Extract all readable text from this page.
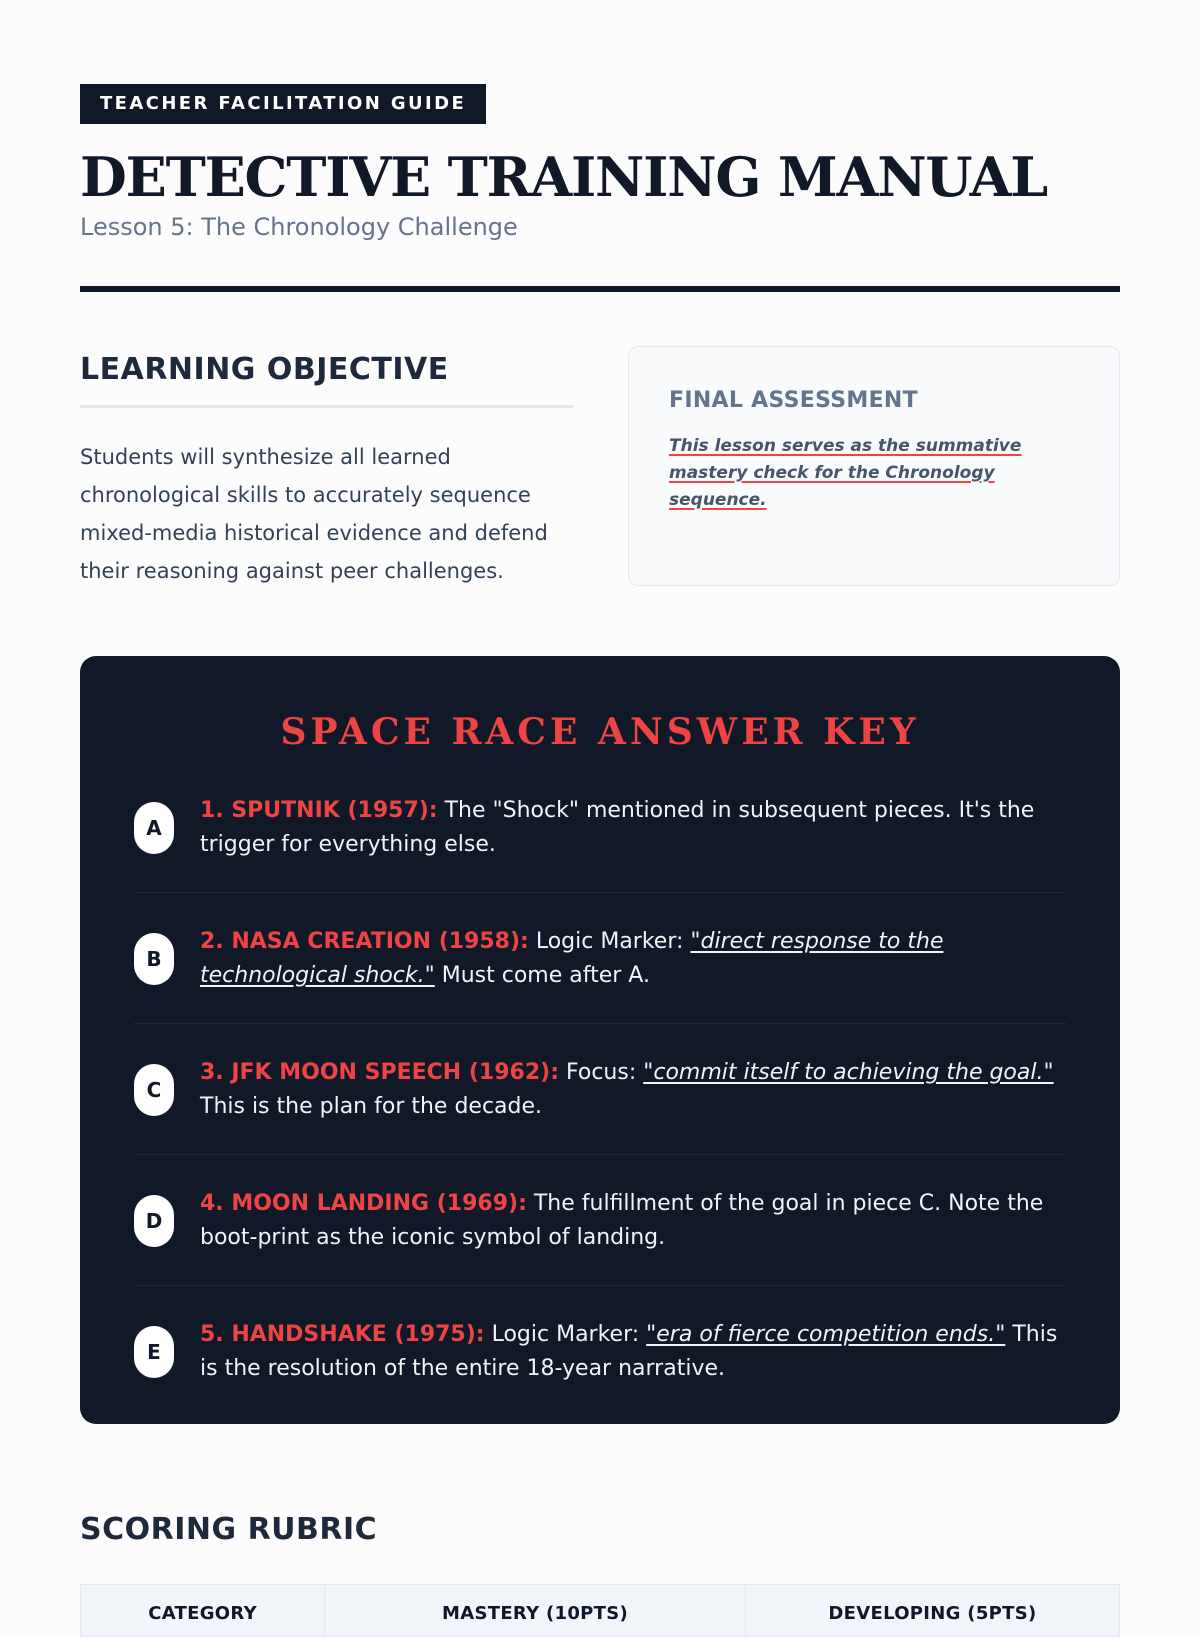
TEACHER FACILITATION GUIDE
DETECTIVE TRAINING MANUAL
Lesson 5: The Chronology Challenge
LEARNING OBJECTIVE

Students will synthesize all learned chronological skills to accurately sequence mixed-media historical evidence and defend their reasoning against peer challenges.

FINAL ASSESSMENT
This lesson serves as the summative mastery check for the Chronology sequence.
SPACE RACE ANSWER KEY
A
1. SPUTNIK (1957): The "Shock" mentioned in subsequent pieces. It's the trigger for everything else.
B
2. NASA CREATION (1958): Logic Marker: "direct response to the technological shock." Must come after A.
C
3. JFK MOON SPEECH (1962): Focus: "commit itself to achieving the goal." This is the plan for the decade.
D
4. MOON LANDING (1969): The fulfillment of the goal in piece C. Note the boot-print as the iconic symbol of landing.
E
5. HANDSHAKE (1975): Logic Marker: "era of fierce competition ends." This is the resolution of the entire 18-year narrative.
SCORING RUBRIC
CATEGORY	MASTERY (10PTS)	DEVELOPING (5PTS)
